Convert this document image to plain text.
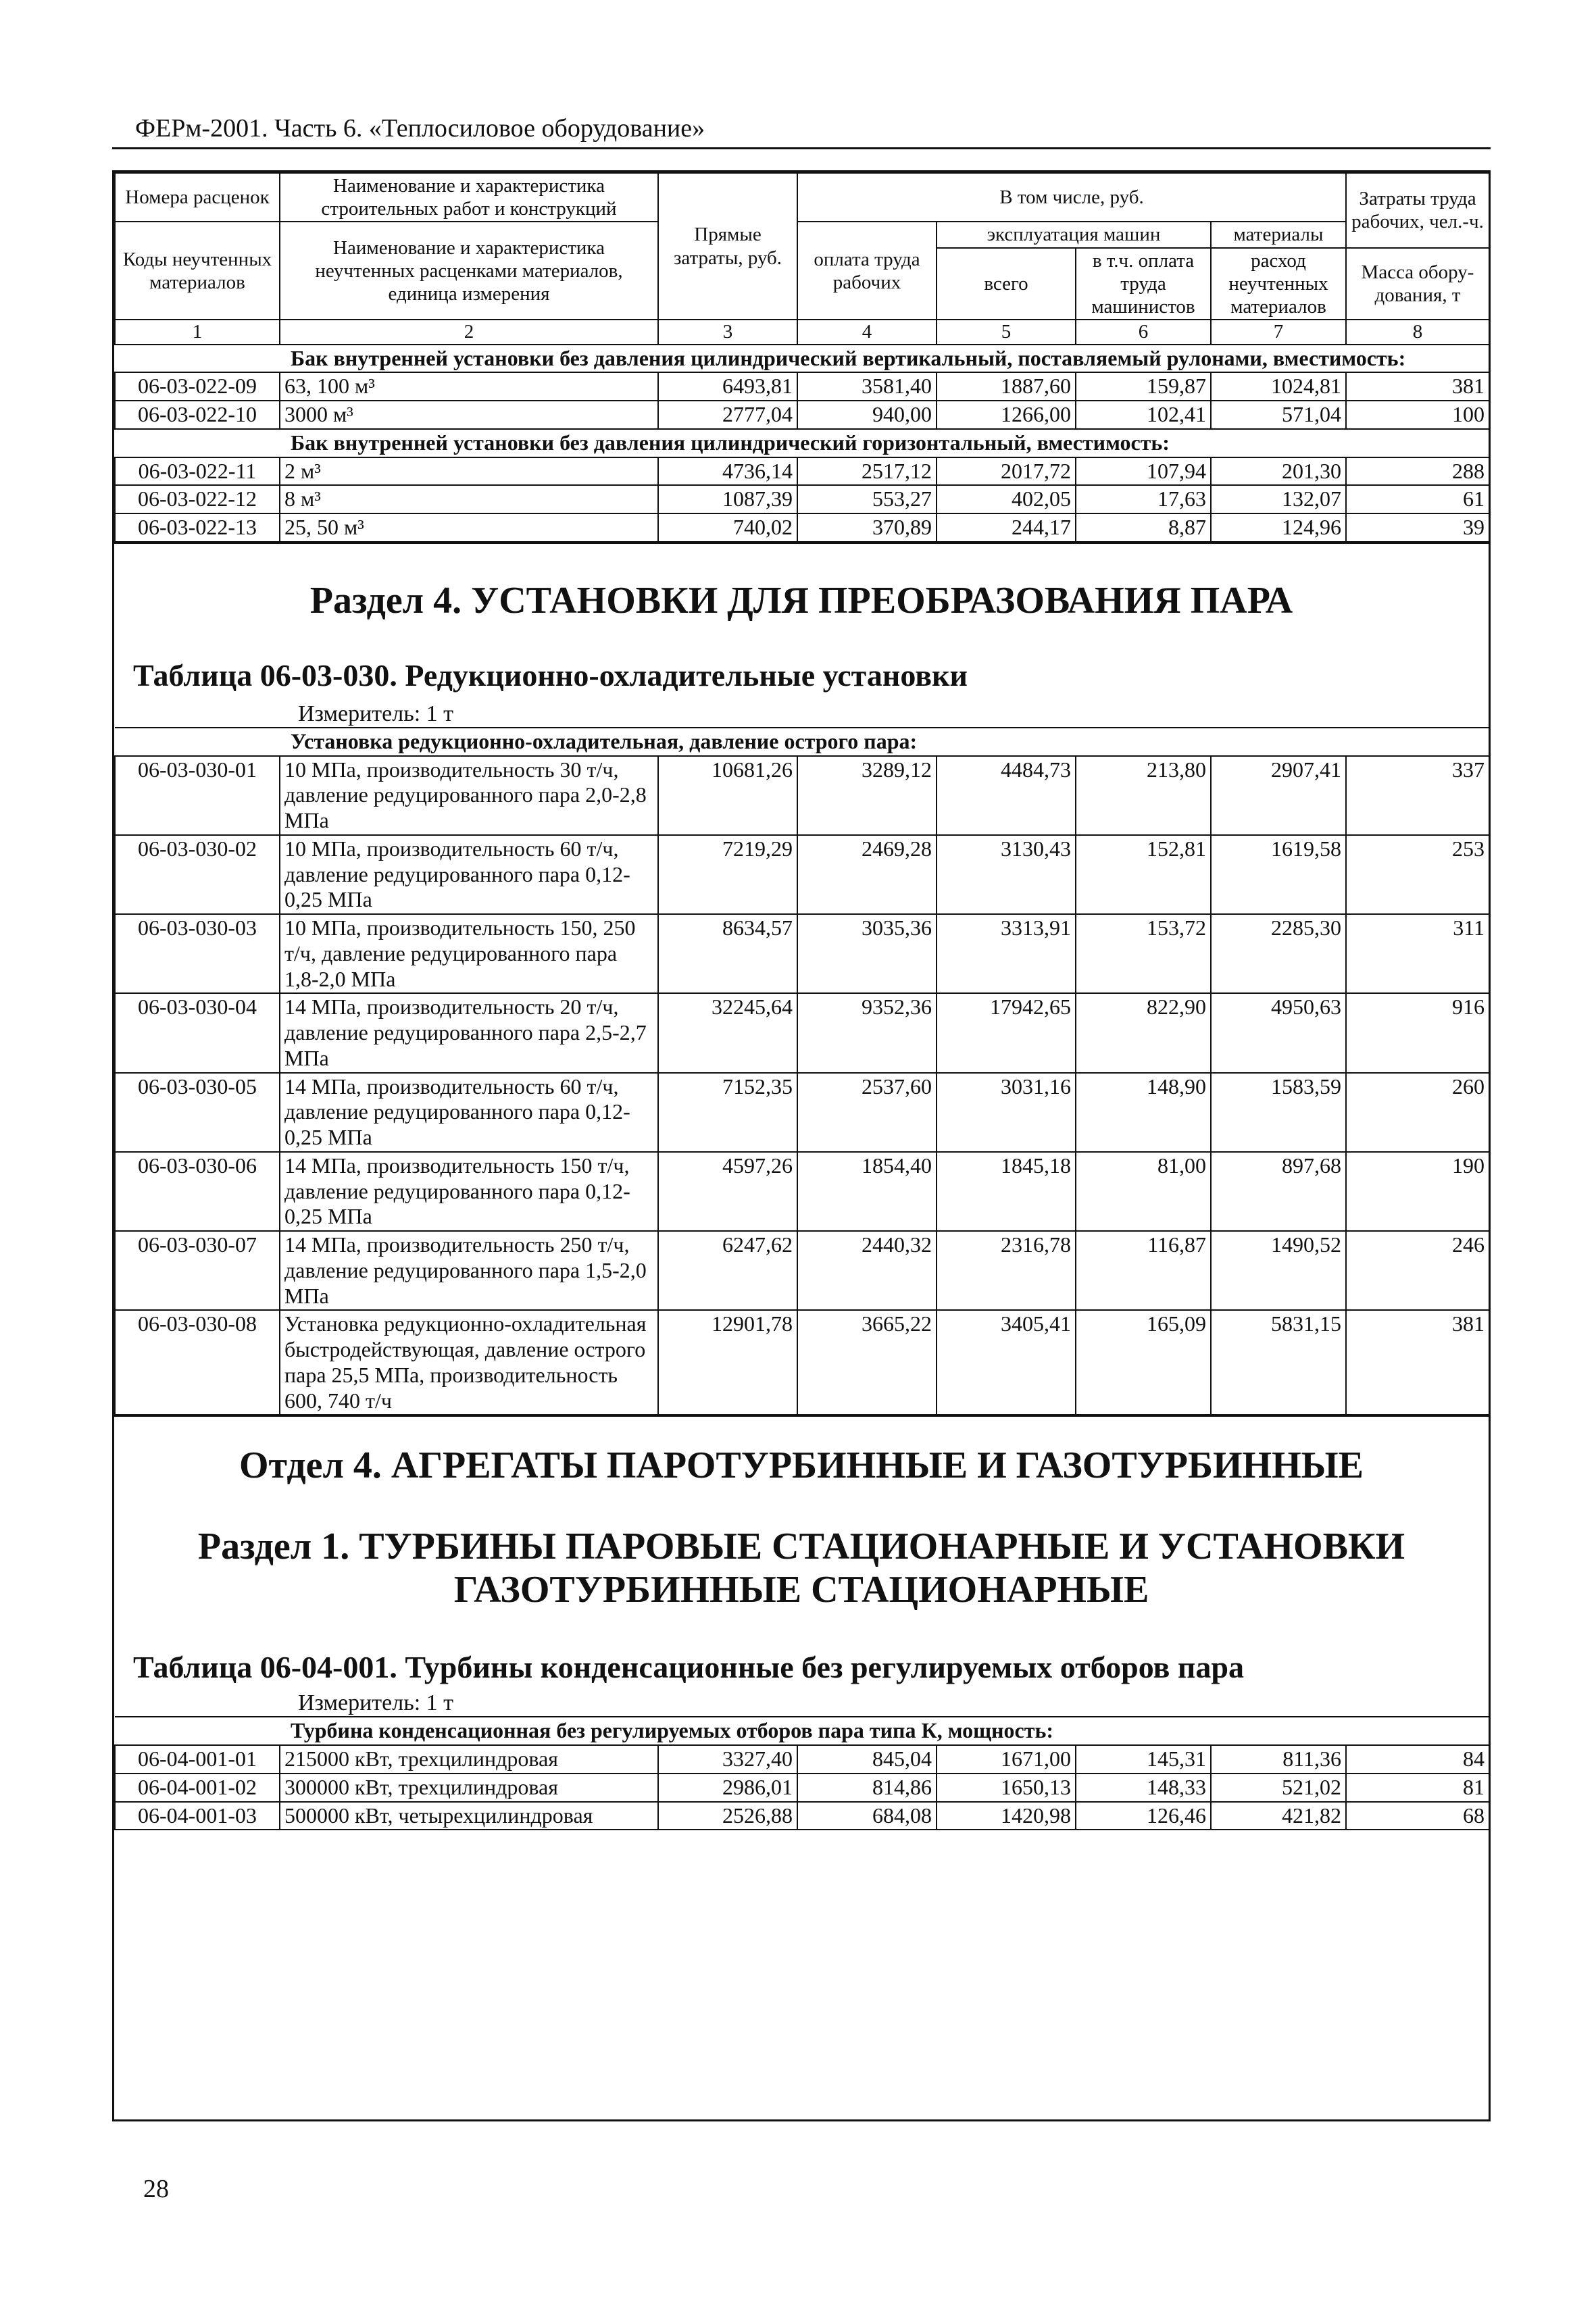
ФЕРм-2001. Часть 6. «Теплосиловое оборудование»
Номера расценок	Наименование и характеристика строительных работ и конструкций	Прямые затраты, руб.	В том числе, руб.				Затраты труда рабочих, чел.-ч.
Коды неучтенных материалов	Наименование и характеристика неучтенных расценками материалов, единица измерения		оплата труда рабочих	эксплуатация машин		материалы	
				всего	в т.ч. оплата труда машинистов	расход неучтенных материалов	Масса обору- дования, т
1	2	3	4	5	6	7	8
Бак внутренней установки без давления цилиндрический вертикальный, поставляемый рулонами, вместимость:							
06-03-022-09	63, 100 м³	6493,81	3581,40	1887,60	159,87	1024,81	381
06-03-022-10	3000 м³	2777,04	940,00	1266,00	102,41	571,04	100
Бак внутренней установки без давления цилиндрический горизонтальный, вместимость:							
06-03-022-11	2 м³	4736,14	2517,12	2017,72	107,94	201,30	288
06-03-022-12	8 м³	1087,39	553,27	402,05	17,63	132,07	61
06-03-022-13	25, 50 м³	740,02	370,89	244,17	8,87	124,96	39

Раздел 4. УСТАНОВКИ ДЛЯ ПРЕОБРАЗОВАНИЯ ПАРА

Таблица 06-03-030. Редукционно-охладительные установки

Измеритель: 1 т

Установка редукционно-охладительная, давление острого пара:							
06-03-030-01	10 МПа, производительность 30 т/ч, давление редуцированного пара 2,0-2,8 МПа	10681,26	3289,12	4484,73	213,80	2907,41	337
06-03-030-02	10 МПа, производительность 60 т/ч, давление редуцированного пара 0,12-0,25 МПа	7219,29	2469,28	3130,43	152,81	1619,58	253
06-03-030-03	10 МПа, производительность 150, 250 т/ч, давление редуцированного пара 1,8-2,0 МПа	8634,57	3035,36	3313,91	153,72	2285,30	311
06-03-030-04	14 МПа, производительность 20 т/ч, давление редуцированного пара 2,5-2,7 МПа	32245,64	9352,36	17942,65	822,90	4950,63	916
06-03-030-05	14 МПа, производительность 60 т/ч, давление редуцированного пара 0,12-0,25 МПа	7152,35	2537,60	3031,16	148,90	1583,59	260
06-03-030-06	14 МПа, производительность 150 т/ч, давление редуцированного пара 0,12-0,25 МПа	4597,26	1854,40	1845,18	81,00	897,68	190
06-03-030-07	14 МПа, производительность 250 т/ч, давление редуцированного пара 1,5-2,0 МПа	6247,62	2440,32	2316,78	116,87	1490,52	246
06-03-030-08	Установка редукционно-охладительная быстродействующая, давление острого пара 25,5 МПа, производительность 600, 740 т/ч	12901,78	3665,22	3405,41	165,09	5831,15	381

Отдел 4. АГРЕГАТЫ ПАРОТУРБИННЫЕ И ГАЗОТУРБИННЫЕ

Раздел 1. ТУРБИНЫ ПАРОВЫЕ СТАЦИОНАРНЫЕ И УСТАНОВКИ

ГАЗОТУРБИННЫЕ СТАЦИОНАРНЫЕ

Таблица 06-04-001. Турбины конденсационные без регулируемых отборов пара

Измеритель: 1 т

Турбина конденсационная без регулируемых отборов пара типа К, мощность:							
06-04-001-01	215000 кВт, трехцилиндровая	3327,40	845,04	1671,00	145,31	811,36	84
06-04-001-02	300000 кВт, трехцилиндровая	2986,01	814,86	1650,13	148,33	521,02	81
06-04-001-03	500000 кВт, четырехцилиндровая	2526,88	684,08	1420,98	126,46	421,82	68
28
